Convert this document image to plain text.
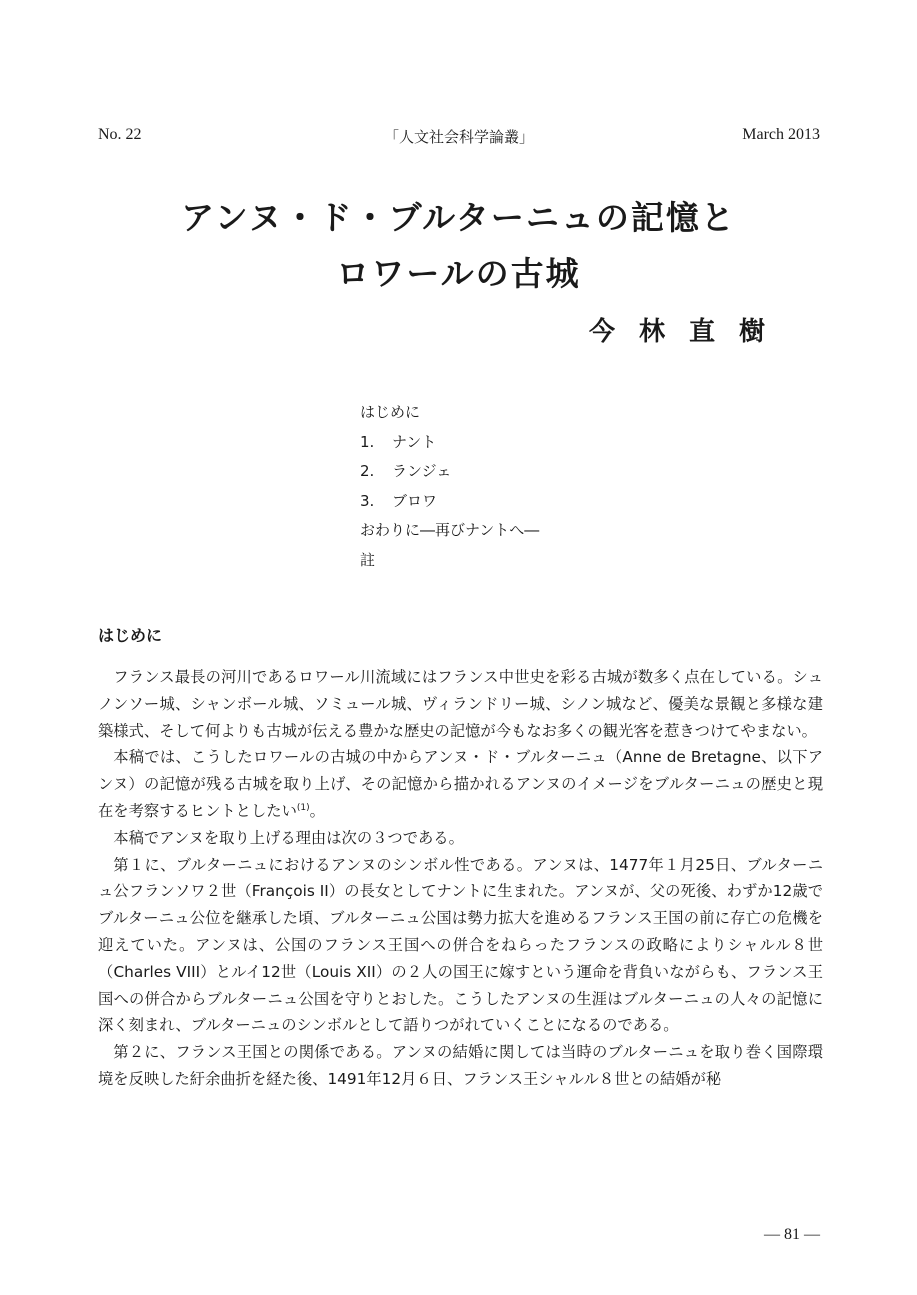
No. 22	「人文社会科学論叢」	March 2013
アンヌ・ド・ブルターニュの記憶と
ロワールの古城
今林直樹
はじめに
1. ナント
2. ランジェ
3. ブロワ
おわりに―再びナントへ―
註
はじめに

フランス最長の河川であるロワール川流域にはフランス中世史を彩る古城が数多く点在している。シュノンソー城、シャンボール城、ソミュール城、ヴィランドリー城、シノン城など、優美な景観と多様な建築様式、そして何よりも古城が伝える豊かな歴史の記憶が今もなお多くの観光客を惹きつけてやまない。

本稿では、こうしたロワールの古城の中からアンヌ・ド・ブルターニュ（Anne de Bretagne、以下アンヌ）の記憶が残る古城を取り上げ、その記憶から描かれるアンヌのイメージをブルターニュの歴史と現在を考察するヒントとしたい$^{(1)}$。

本稿でアンヌを取り上げる理由は次の３つである。

第１に、ブルターニュにおけるアンヌのシンボル性である。アンヌは、1477年１月25日、ブルターニュ公フランソワ２世（François II）の長女としてナントに生まれた。アンヌが、父の死後、わずか12歳でブルターニュ公位を継承した頃、ブルターニュ公国は勢力拡大を進めるフランス王国の前に存亡の危機を迎えていた。アンヌは、公国のフランス王国への併合をねらったフランスの政略によりシャルル８世（Charles VIII）とルイ12世（Louis XII）の２人の国王に嫁すという運命を背負いながらも、フランス王国への併合からブルターニュ公国を守りとおした。こうしたアンヌの生涯はブルターニュの人々の記憶に深く刻まれ、ブルターニュのシンボルとして語りつがれていくことになるのである。

第２に、フランス王国との関係である。アンヌの結婚に関しては当時のブルターニュを取り巻く国際環境を反映した紆余曲折を経た後、1491年12月６日、フランス王シャルル８世との結婚が秘

― 81 ―
